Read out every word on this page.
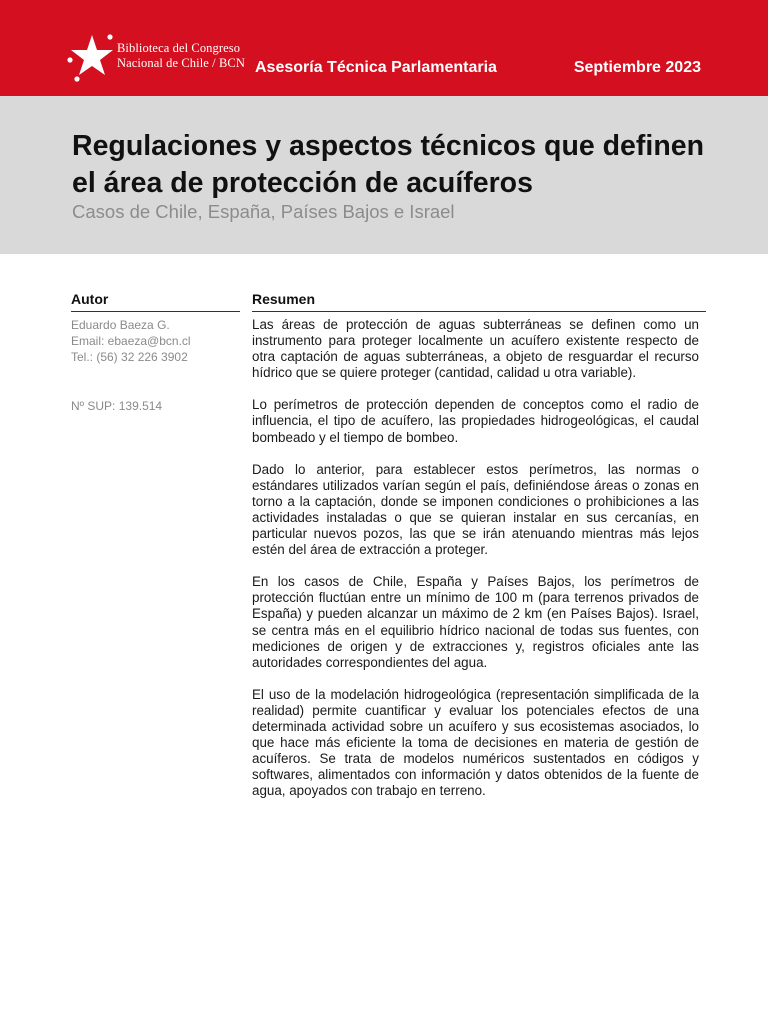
Biblioteca del Congreso
Nacional de Chile / BCN Asesoría Técnica Parlamentaria	Septiembre 2023
Regulaciones y aspectos técnicos que definen el área de protección de acuíferos
Casos de Chile, España, Países Bajos e Israel
Autor
Eduardo Baeza G.
Email: ebaeza@bcn.cl
Tel.: (56) 32 226 3902
Nº SUP: 139.514
Resumen

Las áreas de protección de aguas subterráneas se definen como un instrumento para proteger localmente un acuífero existente respecto de otra captación de aguas subterráneas, a objeto de resguardar el recurso hídrico que se quiere proteger (cantidad, calidad u otra variable).

Lo perímetros de protección dependen de conceptos como el radio de influencia, el tipo de acuífero, las propiedades hidrogeológicas, el caudal bombeado y el tiempo de bombeo.

Dado lo anterior, para establecer estos perímetros, las normas o estándares utilizados varían según el país, definiéndose áreas o zonas en torno a la captación, donde se imponen condiciones o prohibiciones a las actividades instaladas o que se quieran instalar en sus cercanías, en particular nuevos pozos, las que se irán atenuando mientras más lejos estén del área de extracción a proteger.

En los casos de Chile, España y Países Bajos, los perímetros de protección fluctúan entre un mínimo de 100 m (para terrenos privados de España) y pueden alcanzar un máximo de 2 km (en Países Bajos). Israel, se centra más en el equilibrio hídrico nacional de todas sus fuentes, con mediciones de origen y de extracciones y, registros oficiales ante las autoridades correspondientes del agua.

El uso de la modelación hidrogeológica (representación simplificada de la realidad) permite cuantificar y evaluar los potenciales efectos de una determinada actividad sobre un acuífero y sus ecosistemas asociados, lo que hace más eficiente la toma de decisiones en materia de gestión de acuíferos. Se trata de modelos numéricos sustentados en códigos y softwares, alimentados con información y datos obtenidos de la fuente de agua, apoyados con trabajo en terreno.
